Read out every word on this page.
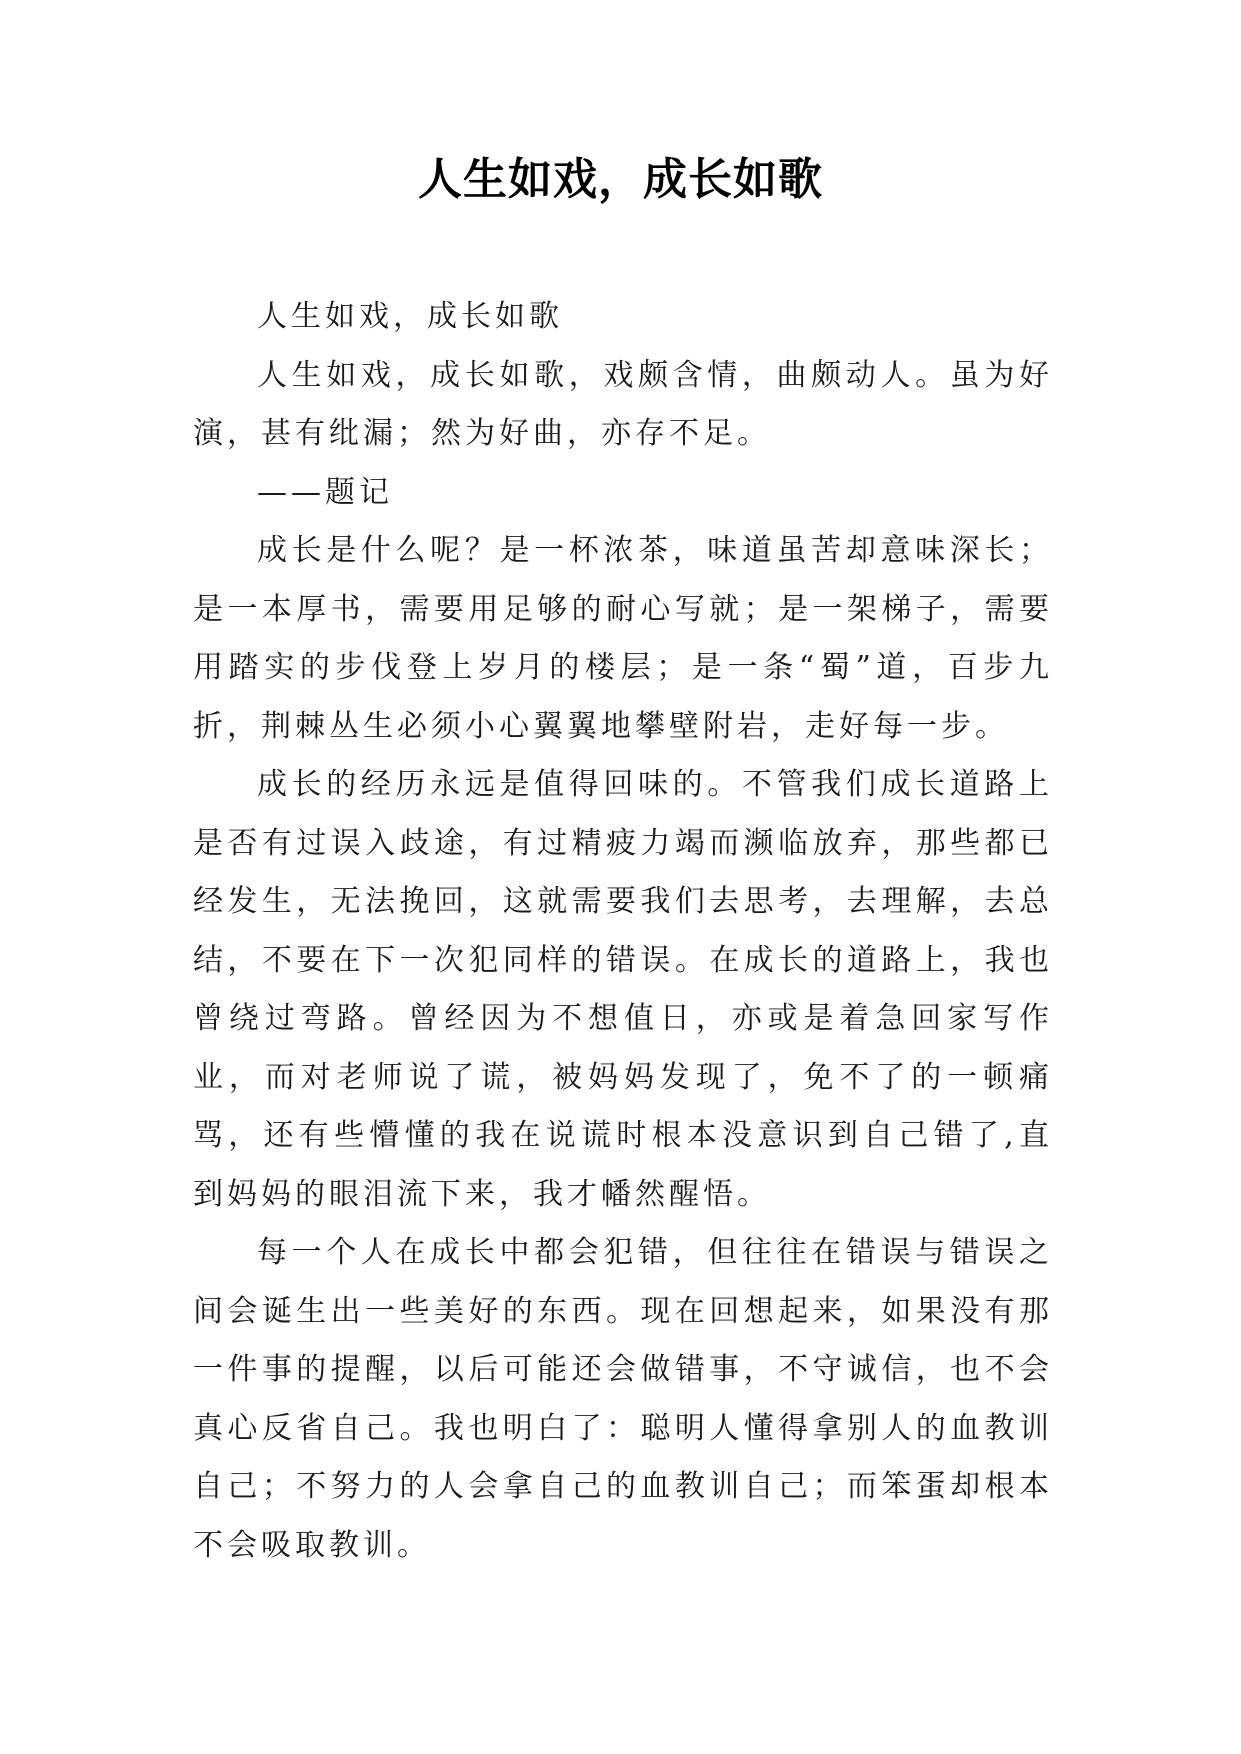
人生如戏，成长如歌

人生如戏，成长如歌

人生如戏，成长如歌，戏颇含情，曲颇动人。虽为好演，甚有纰漏；然为好曲，亦存不足。

——题记

成长是什么呢？是一杯浓茶，味道虽苦却意味深长；是一本厚书，需要用足够的耐心写就；是一架梯子，需要用踏实的步伐登上岁月的楼层；是一条“蜀”道，百步九折，荆棘丛生必须小心翼翼地攀壁附岩，走好每一步。

成长的经历永远是值得回味的。不管我们成长道路上是否有过误入歧途，有过精疲力竭而濒临放弃，那些都已经发生，无法挽回，这就需要我们去思考，去理解，去总结，不要在下一次犯同样的错误。在成长的道路上，我也曾绕过弯路。曾经因为不想值日，亦或是着急回家写作业，而对老师说了谎，被妈妈发现了，免不了的一顿痛骂，还有些懵懂的我在说谎时根本没意识到自己错了,直到妈妈的眼泪流下来，我才幡然醒悟。

每一个人在成长中都会犯错，但往往在错误与错误之间会诞生出一些美好的东西。现在回想起来，如果没有那一件事的提醒，以后可能还会做错事，不守诚信，也不会真心反省自己。我也明白了：聪明人懂得拿别人的血教训自己；不努力的人会拿自己的血教训自己；而笨蛋却根本不会吸取教训。
